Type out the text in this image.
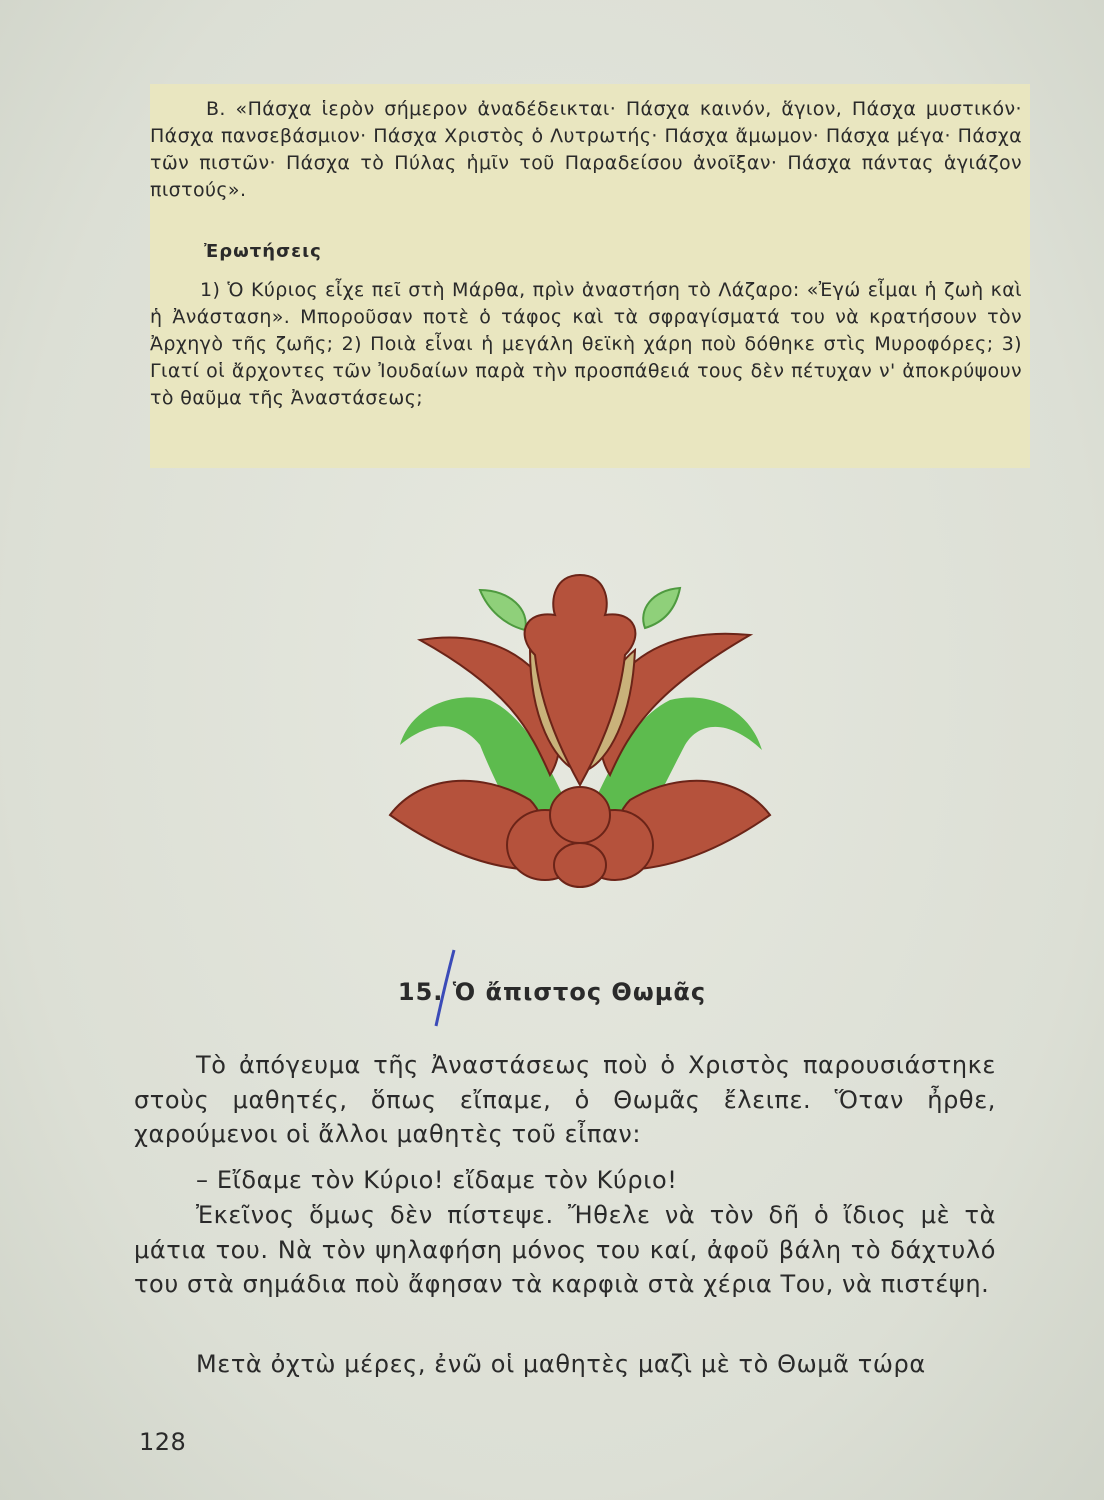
Β. «Πάσχα ἱερὸν σήμερον ἀναδέδεικται· Πάσχα καινόν, ἅγιον, Πάσχα μυστικόν· Πάσχα πανσεβάσμιον· Πάσχα Χριστὸς ὁ Λυτρωτής· Πάσχα ἄμωμον· Πάσχα μέγα· Πάσχα τῶν πιστῶν· Πάσχα τὸ Πύλας ἡμῖν τοῦ Παραδείσου ἀνοῖξαν· Πάσχα πάντας ἁγιάζον πιστούς».

Ἐρωτήσεις

1) Ὁ Κύριος εἶχε πεῖ στὴ Μάρθα, πρὶν ἀναστήση τὸ Λάζαρο: «Ἐγώ εἶμαι ἡ ζωὴ καὶ ἡ Ἀνάσταση». Μποροῦσαν ποτὲ ὁ τάφος καὶ τὰ σφραγίσματά του νὰ κρατήσουν τὸν Ἀρχηγὸ τῆς ζωῆς; 2) Ποιὰ εἶναι ἡ μεγάλη θεϊκὴ χάρη ποὺ δόθηκε στὶς Μυροφόρες; 3) Γιατί οἱ ἄρχοντες τῶν Ἰουδαίων παρὰ τὴν προσπάθειά τους δὲν πέτυχαν ν' ἀποκρύψουν τὸ θαῦμα τῆς Ἀναστάσεως;

15. Ὁ ἄπιστος Θωμᾶς

Τὸ ἀπόγευμα τῆς Ἀναστάσεως ποὺ ὁ Χριστὸς παρουσιάστηκε στοὺς μαθητές, ὅπως εἴπαμε, ὁ Θωμᾶς ἔλειπε. Ὅταν ἦρθε, χαρούμενοι οἱ ἄλλοι μαθητὲς τοῦ εἶπαν:

– Εἴδαμε τὸν Κύριο! εἴδαμε τὸν Κύριο!

Ἐκεῖνος ὅμως δὲν πίστεψε. Ἤθελε νὰ τὸν δῆ ὁ ἴδιος μὲ τὰ μάτια του. Νὰ τὸν ψηλαφήση μόνος του καί, ἀφοῦ βάλη τὸ δάχτυλό του στὰ σημάδια ποὺ ἄφησαν τὰ καρφιὰ στὰ χέρια Του, νὰ πιστέψη.

Μετὰ ὀχτὼ μέρες, ἐνῶ οἱ μαθητὲς μαζὶ μὲ τὸ Θωμᾶ τώρα

128
